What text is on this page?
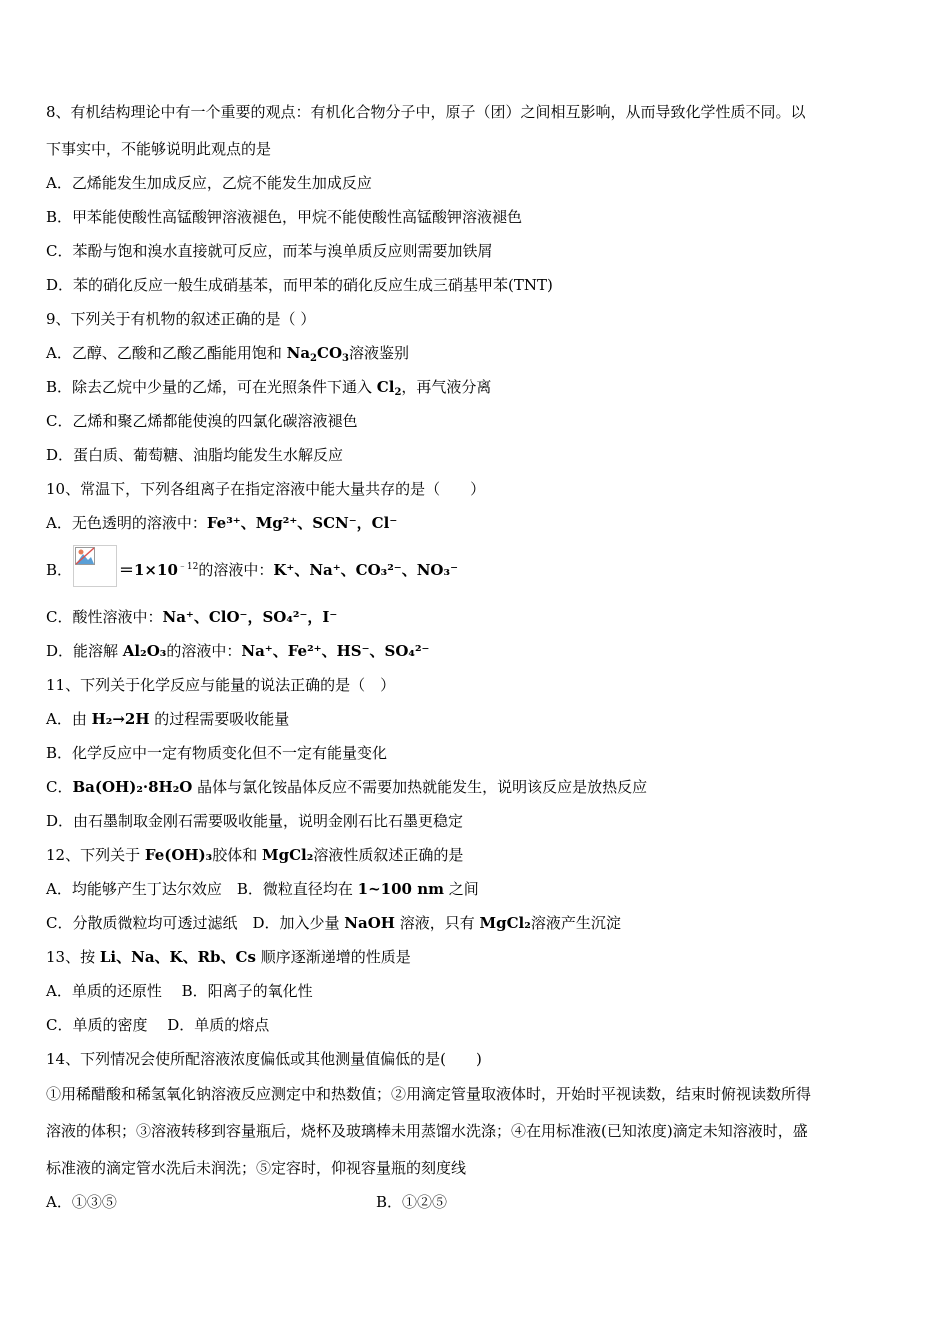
8、有机结构理论中有一个重要的观点：有机化合物分子中，原子（团）之间相互影响，从而导致化学性质不同。以
下事实中，不能够说明此观点的是
A．乙烯能发生加成反应，乙烷不能发生加成反应
B．甲苯能使酸性高锰酸钾溶液褪色，甲烷不能使酸性高锰酸钾溶液褪色
C．苯酚与饱和溴水直接就可反应，而苯与溴单质反应则需要加铁屑
D．苯的硝化反应一般生成硝基苯，而甲苯的硝化反应生成三硝基甲苯(TNT)
9、下列关于有机物的叙述正确的是（ ）
A．乙醇、乙酸和乙酸乙酯能用饱和 $Na_2CO_3$溶液鉴别
B．除去乙烷中少量的乙烯，可在光照条件下通入 $Cl_2$，再气液分离
C．乙烯和聚乙烯都能使溴的四氯化碳溶液褪色
D．蛋白质、葡萄糖、油脂均能发生水解反应
10、常温下，下列各组离子在指定溶液中能大量共存的是（　　）
A．无色透明的溶液中：Fe³⁺、Mg²⁺、SCN⁻，Cl⁻
B．	$=1\times 10^{﹣12}$的溶液中：K⁺、Na⁺、CO₃²⁻、NO₃⁻
C．酸性溶液中：Na⁺、ClO⁻，SO₄²⁻，I⁻
D．能溶解 Al₂O₃的溶液中：Na⁺、Fe²⁺、HS⁻、SO₄²⁻
11、下列关于化学反应与能量的说法正确的是（　）
A．由 H₂→2H 的过程需要吸收能量
B．化学反应中一定有物质变化但不一定有能量变化
C．Ba(OH)₂·8H₂O 晶体与氯化铵晶体反应不需要加热就能发生，说明该反应是放热反应
D．由石墨制取金刚石需要吸收能量，说明金刚石比石墨更稳定
12、下列关于 Fe(OH)₃胶体和 MgCl₂溶液性质叙述正确的是
A．均能够产生丁达尔效应　 B．微粒直径均在 1~100 nm 之间
C．分散质微粒均可透过滤纸　 D．加入少量 NaOH 溶液，只有 MgCl₂溶液产生沉淀
13、按 Li、Na、K、Rb、Cs 顺序逐渐递增的性质是
A．单质的还原性　 B．阳离子的氧化性
C．单质的密度　 D．单质的熔点
14、下列情况会使所配溶液浓度偏低或其他测量值偏低的是(　　)
①用稀醋酸和稀氢氧化钠溶液反应测定中和热数值；②用滴定管量取液体时，开始时平视读数，结束时俯视读数所得
溶液的体积；③溶液转移到容量瓶后，烧杯及玻璃棒未用蒸馏水洗涤；④在用标准液(已知浓度)滴定未知溶液时，盛
标准液的滴定管水洗后未润洗；⑤定容时，仰视容量瓶的刻度线
A．①③⑤	B．①②⑤
